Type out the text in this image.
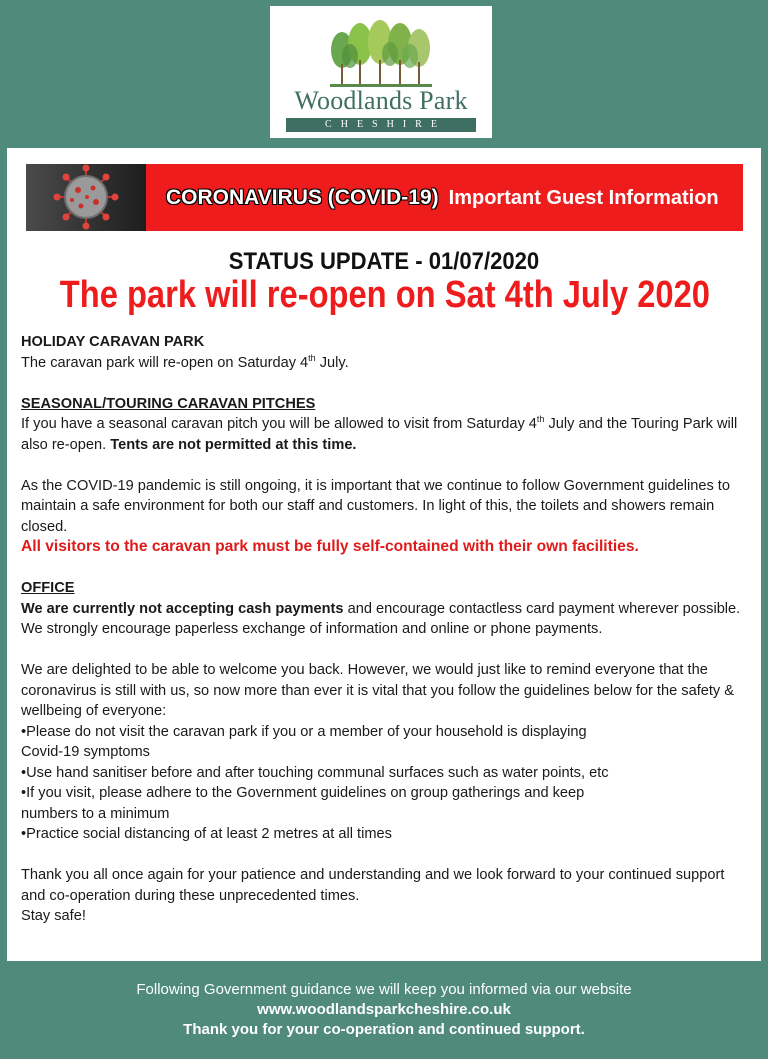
Woodlands Park
CHESHIRE
CORONAVIRUS (COVID-19) Important Guest Information
STATUS UPDATE - 01/07/2020
The park will re-open on Sat 4th July 2020

HOLIDAY CARAVAN PARK

The caravan park will re-open on Saturday 4th July.

SEASONAL/TOURING CARAVAN PITCHES

If you have a seasonal caravan pitch you will be allowed to visit from Saturday 4th July and the Touring Park will also re-open. Tents are not permitted at this time.

As the COVID-19 pandemic is still ongoing, it is important that we continue to follow Government guidelines to maintain a safe environment for both our staff and customers. In light of this, the toilets and showers remain closed.

All visitors to the caravan park must be fully self-contained with their own facilities.

OFFICE

We are currently not accepting cash payments and encourage contactless card payment wherever possible. We strongly encourage paperless exchange of information and online or phone payments.

We are delighted to be able to welcome you back. However, we would just like to remind everyone that the coronavirus is still with us, so now more than ever it is vital that you follow the guidelines below for the safety & wellbeing of everyone:

•Please do not visit the caravan park if you or a member of your household is displaying

Covid-19 symptoms

•Use hand sanitiser before and after touching communal surfaces such as water points, etc

•If you visit, please adhere to the Government guidelines on group gatherings and keep

numbers to a minimum

•Practice social distancing of at least 2 metres at all times

Thank you all once again for your patience and understanding and we look forward to your continued support and co-operation during these unprecedented times.

Stay safe!

Following Government guidance we will keep you informed via our website

www.woodlandsparkcheshire.co.uk

Thank you for your co-operation and continued support.
